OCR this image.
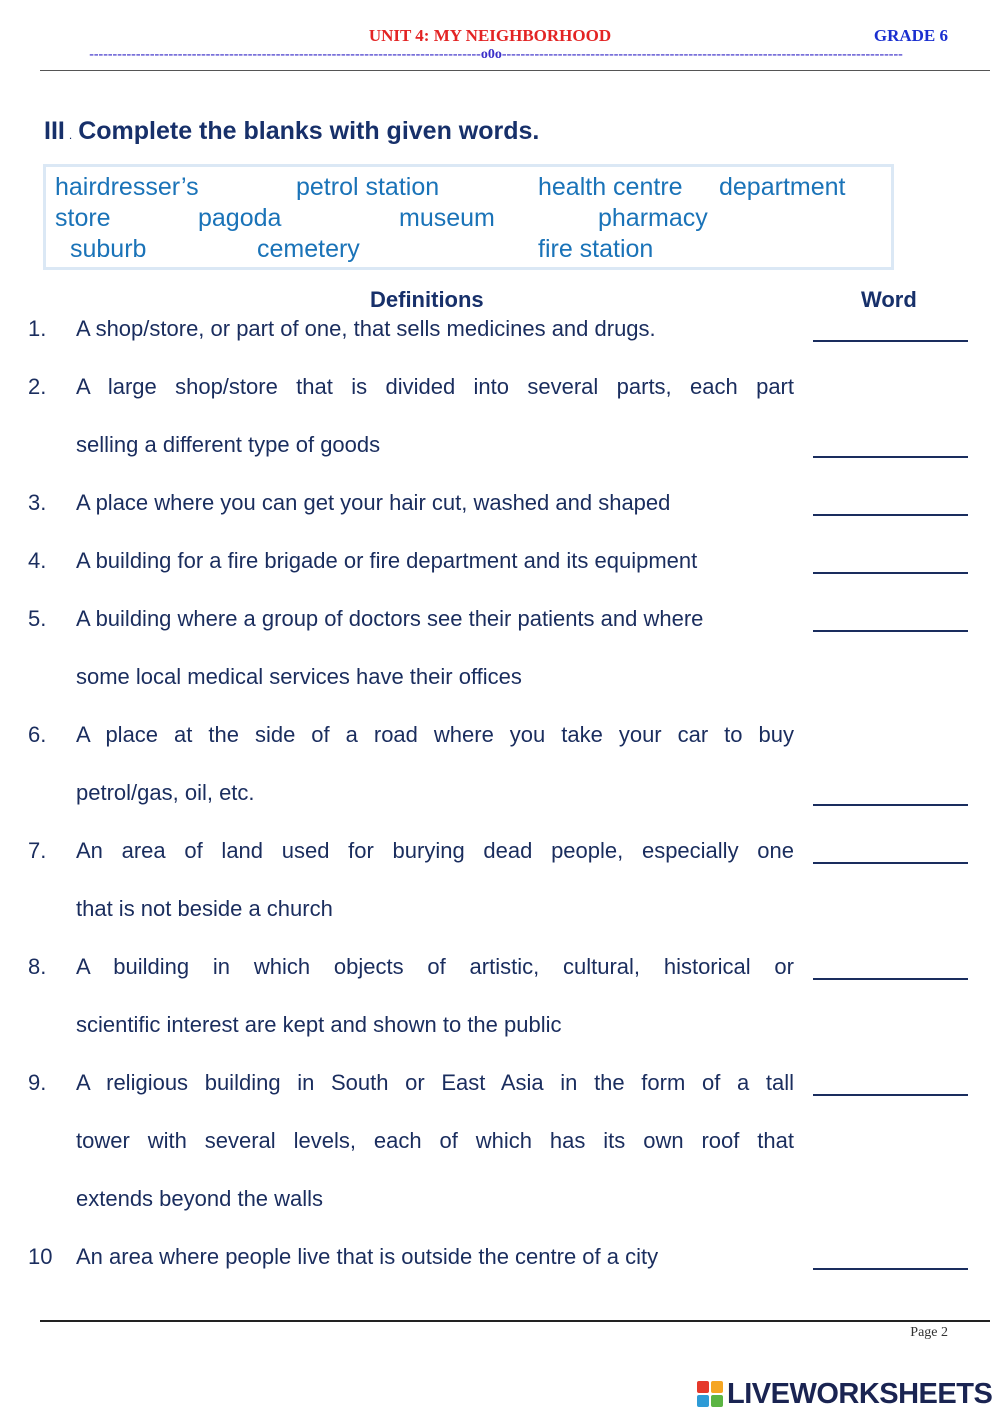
UNIT 4: MY NEIGHBORHOOD	GRADE 6
------------------------------------------------------------------------------------o0o--------------------------------------------------------------------------------------
III . Complete the blanks with given words.
hairdresser’s	petrol station	health centre department
store	pagoda	museum	pharmacy
suburb	cemetery	fire station
Definitions	Word
1. A shop/store, or part of one, that sells medicines and drugs.
2. A large shop/store that is divided into several parts, each part
selling a different type of goods
3. A place where you can get your hair cut, washed and shaped
4. A building for a fire brigade or fire department and its equipment
5. A building where a group of doctors see their patients and where
some local medical services have their offices
6. A place at the side of a road where you take your car to buy
petrol/gas, oil, etc.
7. An area of land used for burying dead people, especially one
that is not beside a church
8. A building in which objects of artistic, cultural, historical or
scientific interest are kept and shown to the public
9. A religious building in South or East Asia in the form of a tall
tower with several levels, each of which has its own roof that
extends beyond the walls
10 An area where people live that is outside the centre of a city
Page 2
LIVEWORKSHEETS
